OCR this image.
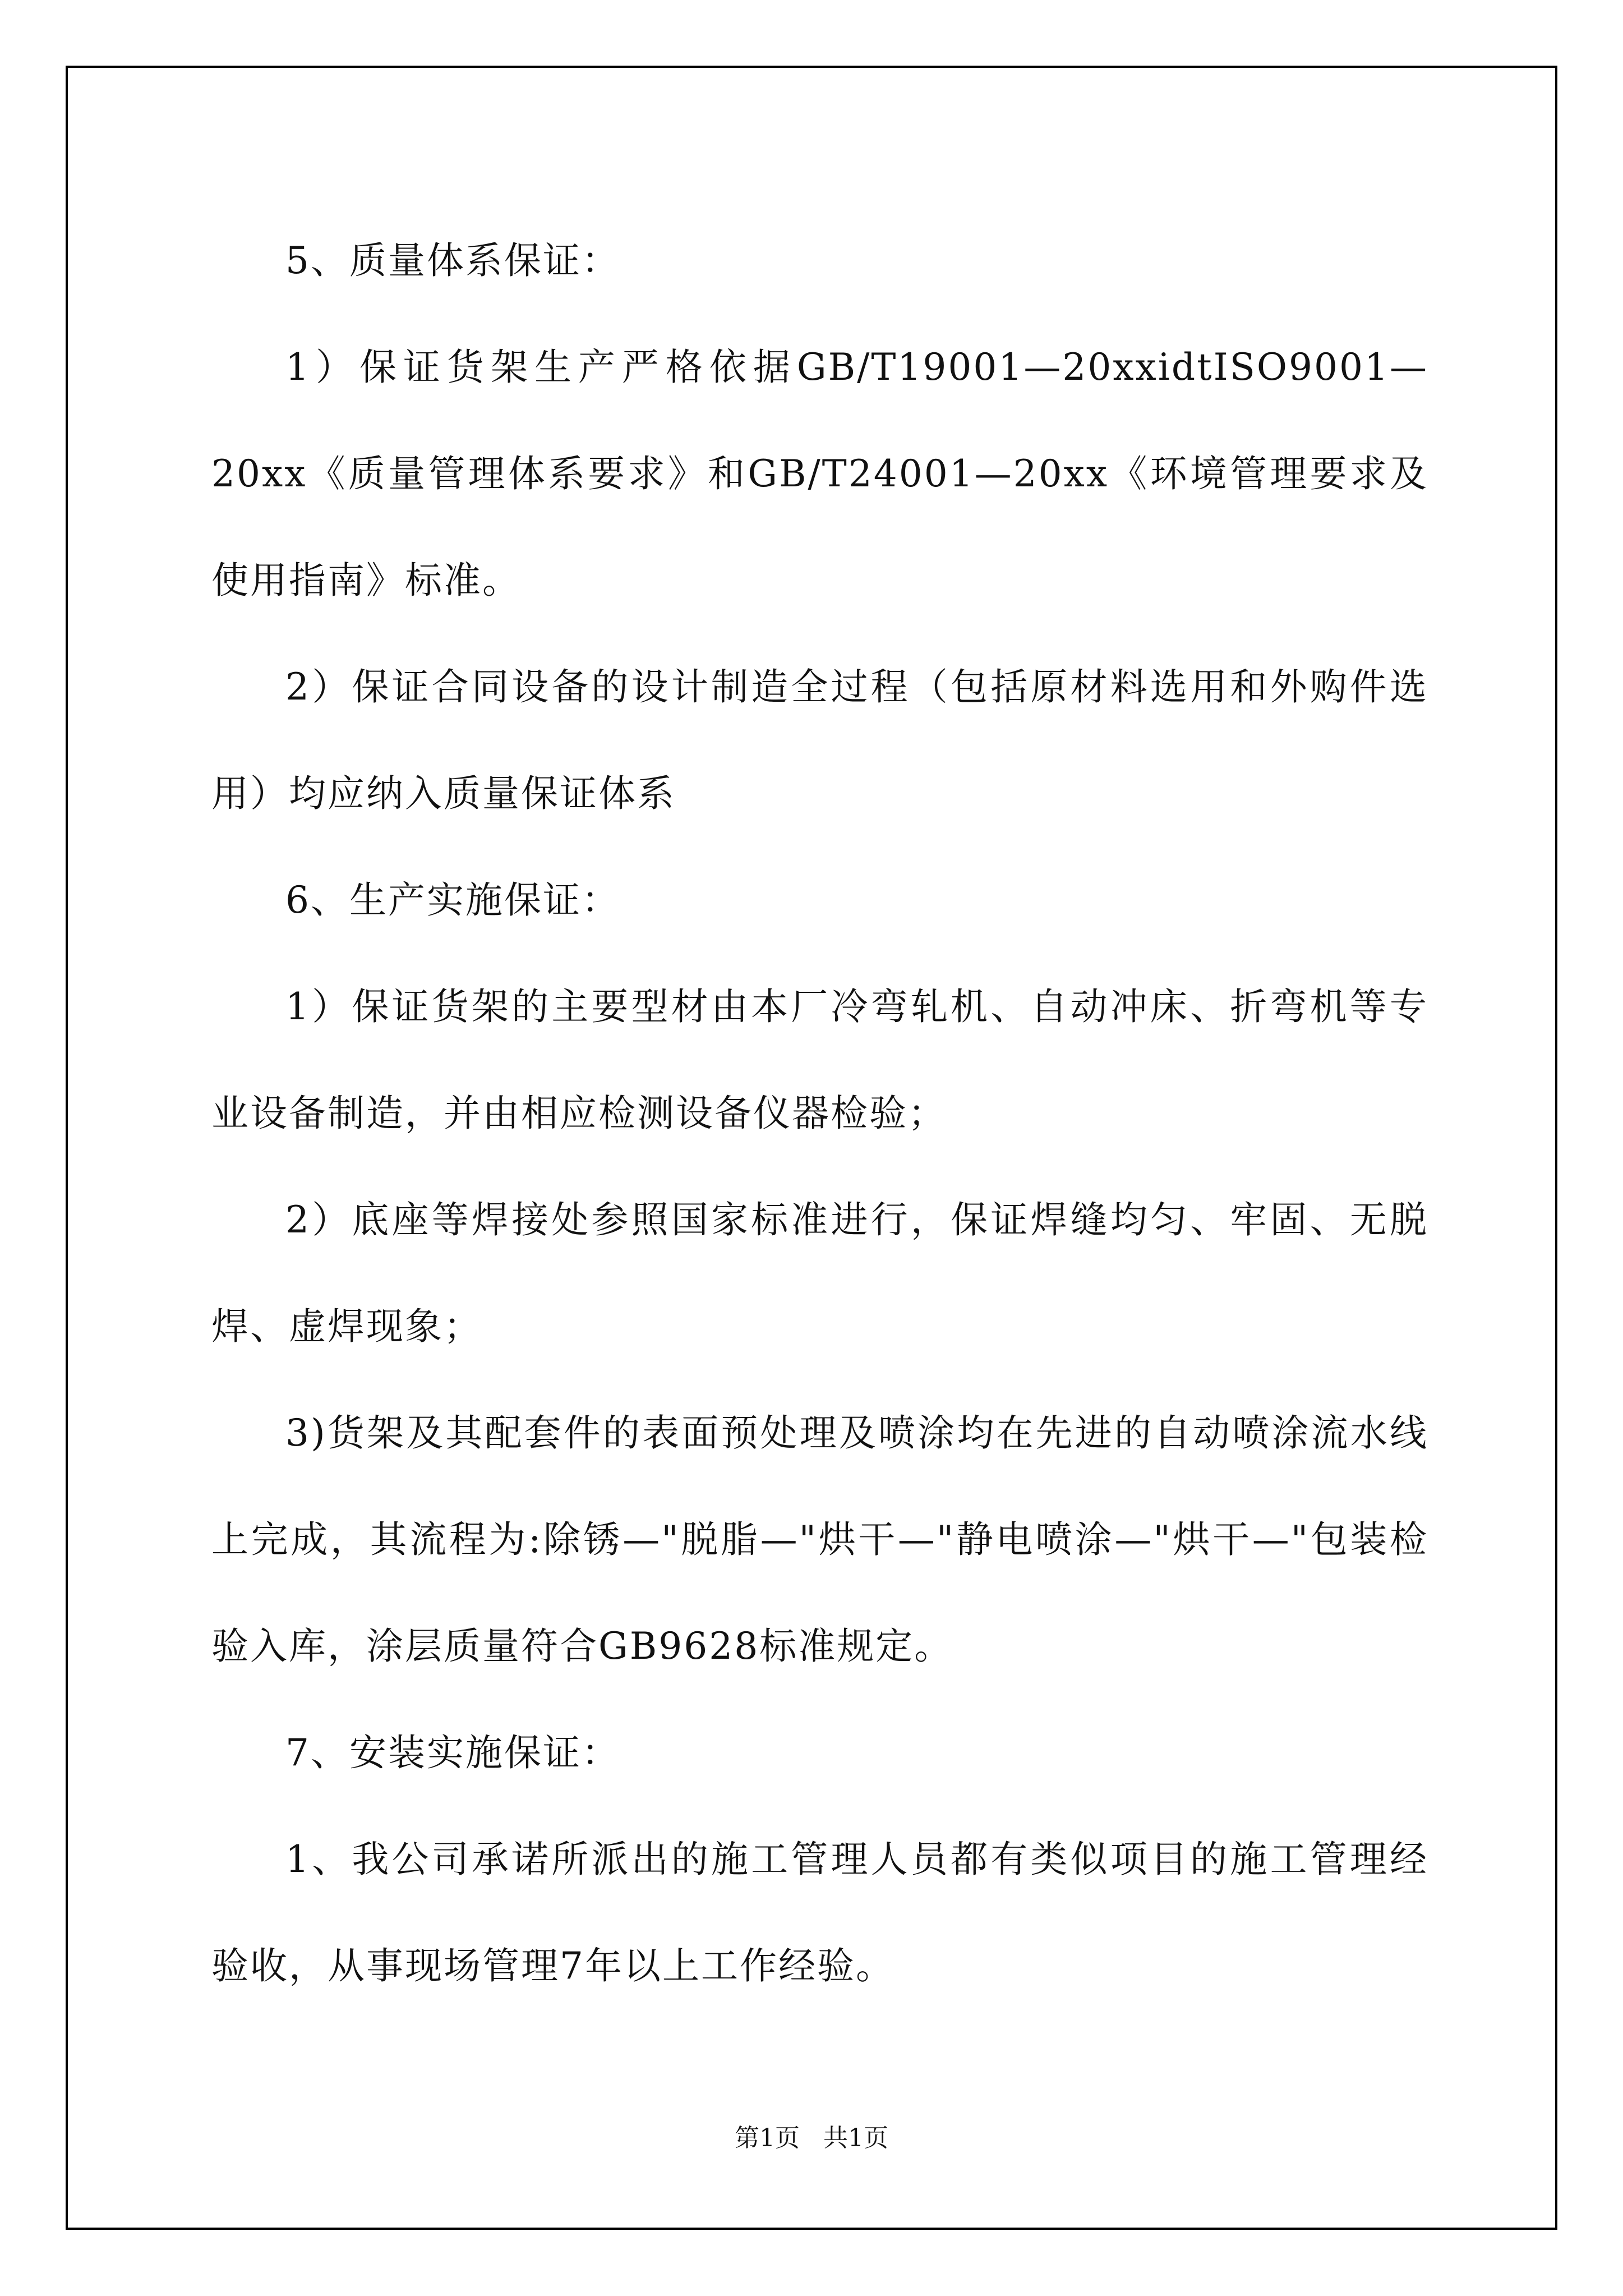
5、质量体系保证：

1）保证货架生产严格依据GB/T19001—20xxidtISO9001—20xx《质量管理体系要求》和GB/T24001—20xx《环境管理要求及使用指南》标准。

2）保证合同设备的设计制造全过程（包括原材料选用和外购件选用）均应纳入质量保证体系

6、生产实施保证：

1）保证货架的主要型材由本厂冷弯轧机、自动冲床、折弯机等专业设备制造，并由相应检测设备仪器检验；

2）底座等焊接处参照国家标准进行，保证焊缝均匀、牢固、无脱焊、虚焊现象；

3)货架及其配套件的表面预处理及喷涂均在先进的自动喷涂流水线上完成，其流程为:除锈—"脱脂—"烘干—"静电喷涂—"烘干—"包装检验入库，涂层质量符合GB9628标准规定。

7、安装实施保证：

1、我公司承诺所派出的施工管理人员都有类似项目的施工管理经验收，从事现场管理7年以上工作经验。

第1页 共1页
